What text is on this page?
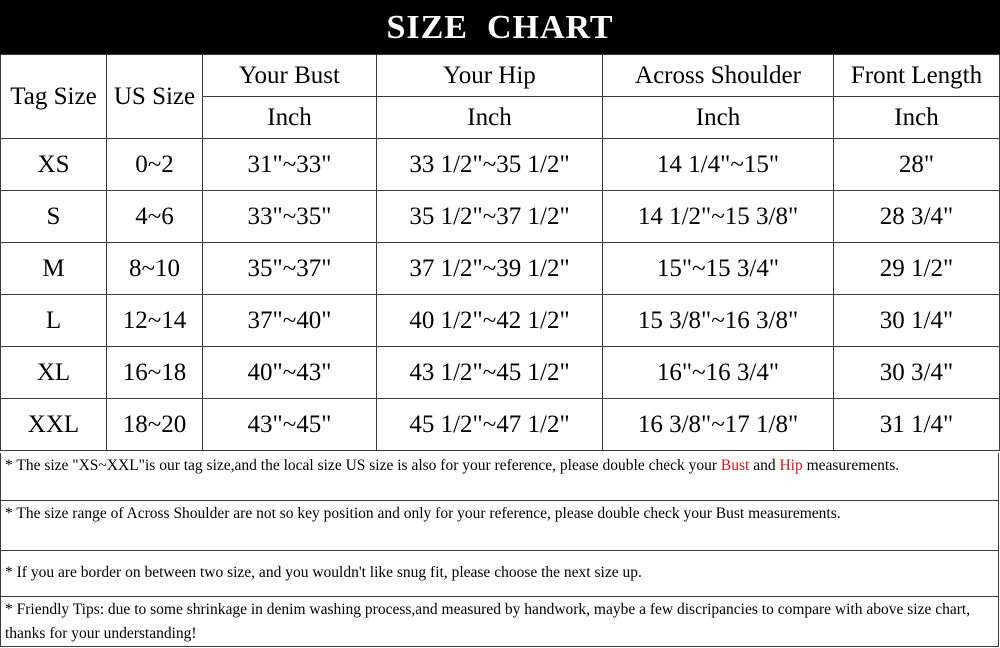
SIZE  CHART
Tag Size	US Size	Your Bust	Your Hip	Across Shoulder	Front Length
		Inch	Inch	Inch	Inch
XS	0~2	31"~33"	33 1/2"~35 1/2"	14 1/4"~15"	28"
S	4~6	33"~35"	35 1/2"~37 1/2"	14 1/2"~15 3/8"	28 3/4"
M	8~10	35"~37"	37 1/2"~39 1/2"	15"~15 3/4"	29 1/2"
L	12~14	37"~40"	40 1/2"~42 1/2"	15 3/8"~16 3/8"	30 1/4"
XL	16~18	40"~43"	43 1/2"~45 1/2"	16"~16 3/4"	30 3/4"
XXL	18~20	43"~45"	45 1/2"~47 1/2"	16 3/8"~17 1/8"	31 1/4"
* The size "XS~XXL"is our tag size,and the local size US size is also for your reference, please double check your Bust and Hip measurements.
* The size range of Across Shoulder are not so key position and only for your reference, please double check your Bust measurements.
* If you are border on between two size, and you wouldn't like snug fit, please choose the next size up.
* Friendly Tips: due to some shrinkage in denim washing process,and measured by handwork, maybe a few discripancies to compare with above size chart, thanks for your understanding!
